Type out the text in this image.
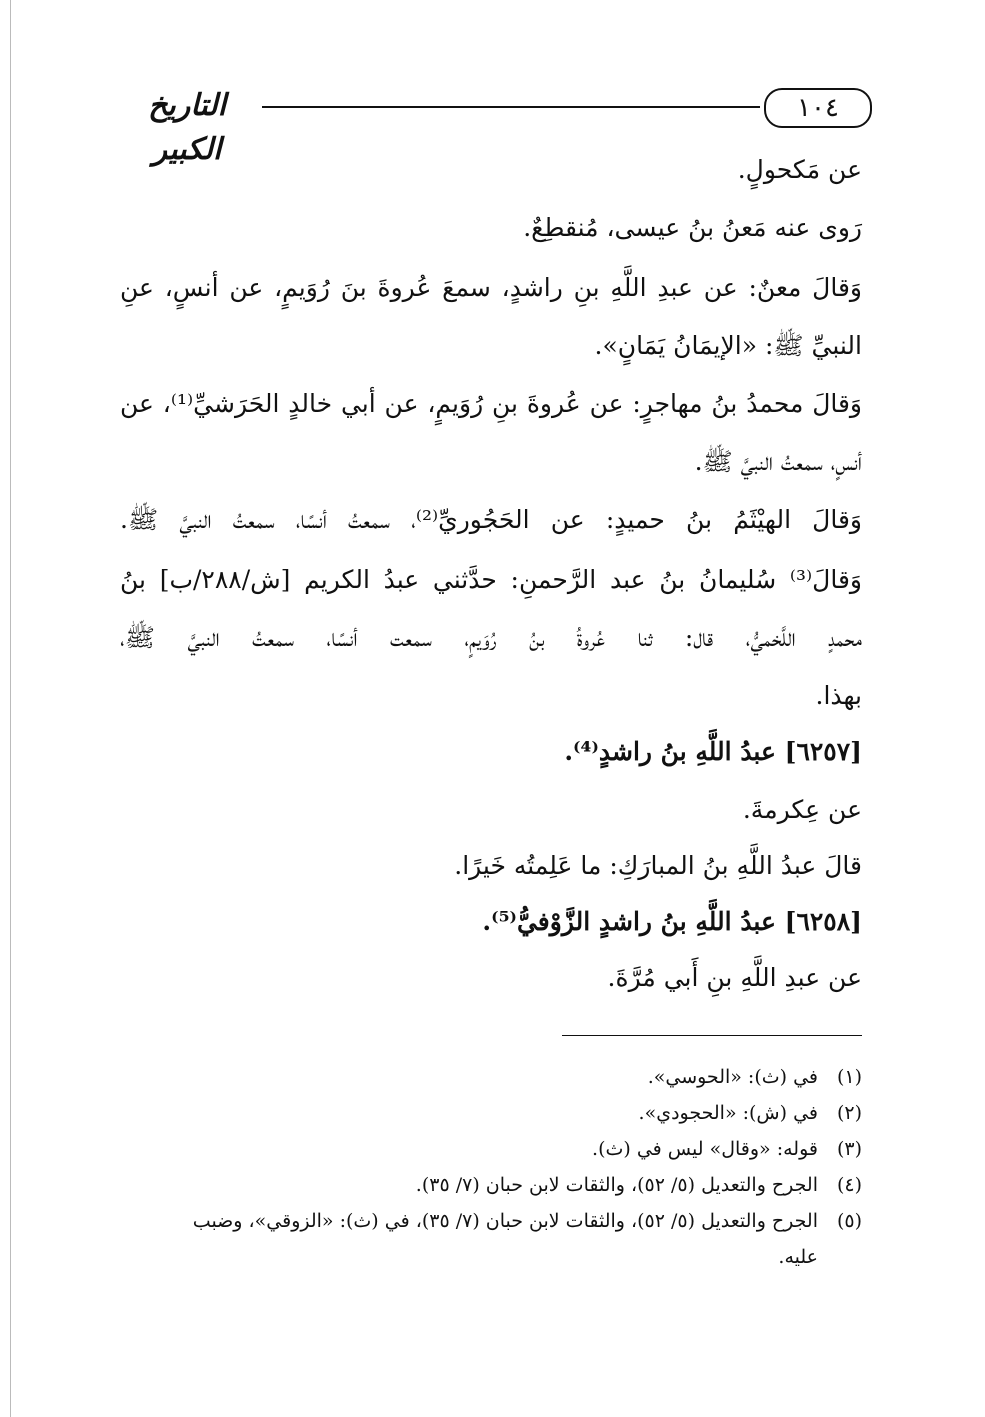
التاريخ الكبير
١٠٤
عن مَكحولٍ.
رَوى عنه مَعنُ بنُ عيسى، مُنقطِعٌ.
وَقالَ معنٌ: عن عبدِ اللَّهِ بنِ راشدٍ، سمعَ عُروةَ بنَ رُوَيمٍ، عن أنسٍ، عنِ
النبيِّ ﷺ: «الإيمَانُ يَمَانٍ».
وَقالَ محمدُ بنُ مهاجرٍ: عن عُروةَ بنِ رُوَيمٍ، عن أبي خالدٍ الحَرَشيِّ⁽¹⁾، عن
أنسٍ، سمعتُ النبيَّ ﷺ.
وَقالَ الهيْثَمُ بنُ حميدٍ: عن الحَجُوريِّ⁽²⁾، سمعتُ أنسًا، سمعتُ النبيَّ ﷺ.
وَقالَ⁽³⁾ سُليمانُ بنُ عبد الرَّحمنِ: حدَّثني عبدُ الكريم [ش/٢٨٨/ب] بنُ
محمدٍ اللَّخميُّ، قال: ثنا عُروةُ بنُ رُوَيمٍ، سمعت أنسًا، سمعتُ النبيَّ ﷺ،
بهذا.
[٦٢٥٧] عبدُ اللَّهِ بنُ راشدٍ⁽⁴⁾.
عن عِكرمةَ.
قالَ عبدُ اللَّهِ بنُ المبارَكِ: ما عَلِمتُه خَيرًا.
[٦٢٥٨] عبدُ اللَّهِ بنُ راشدٍ الزَّوْفيُّ⁽⁵⁾.
عن عبدِ اللَّهِ بنِ أَبي مُرَّةَ.
(١)في (ث): «الحوسي».
(٢)في (ش): «الحجودي».
(٣)قوله: «وقال» ليس في (ث).
(٤)الجرح والتعديل (٥/ ٥٢)، والثقات لابن حبان (٧/ ٣٥).
(٥)الجرح والتعديل (٥/ ٥٢)، والثقات لابن حبان (٧/ ٣٥)، في (ث): «الزوقي»، وضبب
عليه.
